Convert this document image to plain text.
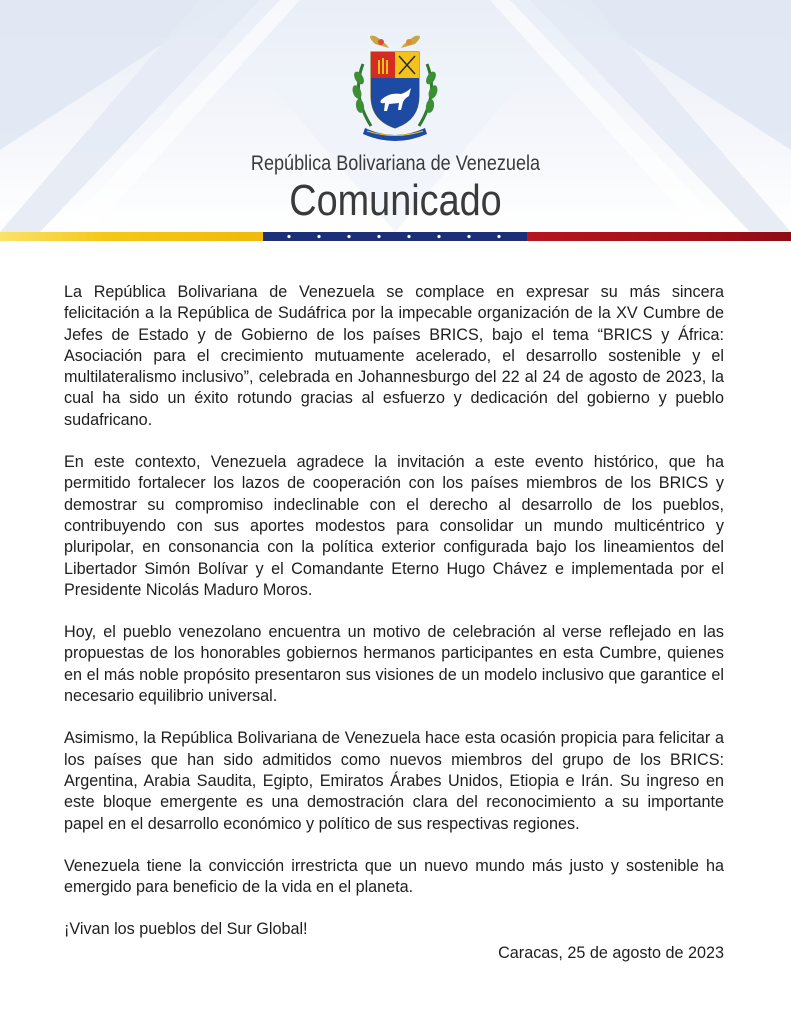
República Bolivariana de Venezuela
Comunicado

La República Bolivariana de Venezuela se complace en expresar su más sincera felicitación a la República de Sudáfrica por la impecable organización de la XV Cumbre de Jefes de Estado y de Gobierno de los países BRICS, bajo el tema “BRICS y África: Asociación para el crecimiento mutuamente acelerado, el desarrollo sostenible y el multilateralismo inclusivo”, celebrada en Johannesburgo del 22 al 24 de agosto de 2023, la cual ha sido un éxito rotundo gracias al esfuerzo y dedicación del gobierno y pueblo sudafricano.

En este contexto, Venezuela agradece la invitación a este evento histórico, que ha permitido fortalecer los lazos de cooperación con los países miembros de los BRICS y demostrar su compromiso indeclinable con el derecho al desarrollo de los pueblos, contribuyendo con sus aportes modestos para consolidar un mundo multicéntrico y pluripolar, en consonancia con la política exterior configurada bajo los lineamientos del Libertador Simón Bolívar y el Comandante Eterno Hugo Chávez e implementada por el Presidente Nicolás Maduro Moros.

Hoy, el pueblo venezolano encuentra un motivo de celebración al verse reflejado en las propuestas de los honorables gobiernos hermanos participantes en esta Cumbre, quienes en el más noble propósito presentaron sus visiones de un modelo inclusivo que garantice el necesario equilibrio universal.

Asimismo, la República Bolivariana de Venezuela hace esta ocasión propicia para felicitar a los países que han sido admitidos como nuevos miembros del grupo de los BRICS: Argentina, Arabia Saudita, Egipto, Emiratos Árabes Unidos, Etiopia e Irán. Su ingreso en este bloque emergente es una demostración clara del reconocimiento a su importante papel en el desarrollo económico y político de sus respectivas regiones.

Venezuela tiene la convicción irrestricta que un nuevo mundo más justo y sostenible ha emergido para beneficio de la vida en el planeta.

¡Vivan los pueblos del Sur Global!

Caracas, 25 de agosto de 2023
